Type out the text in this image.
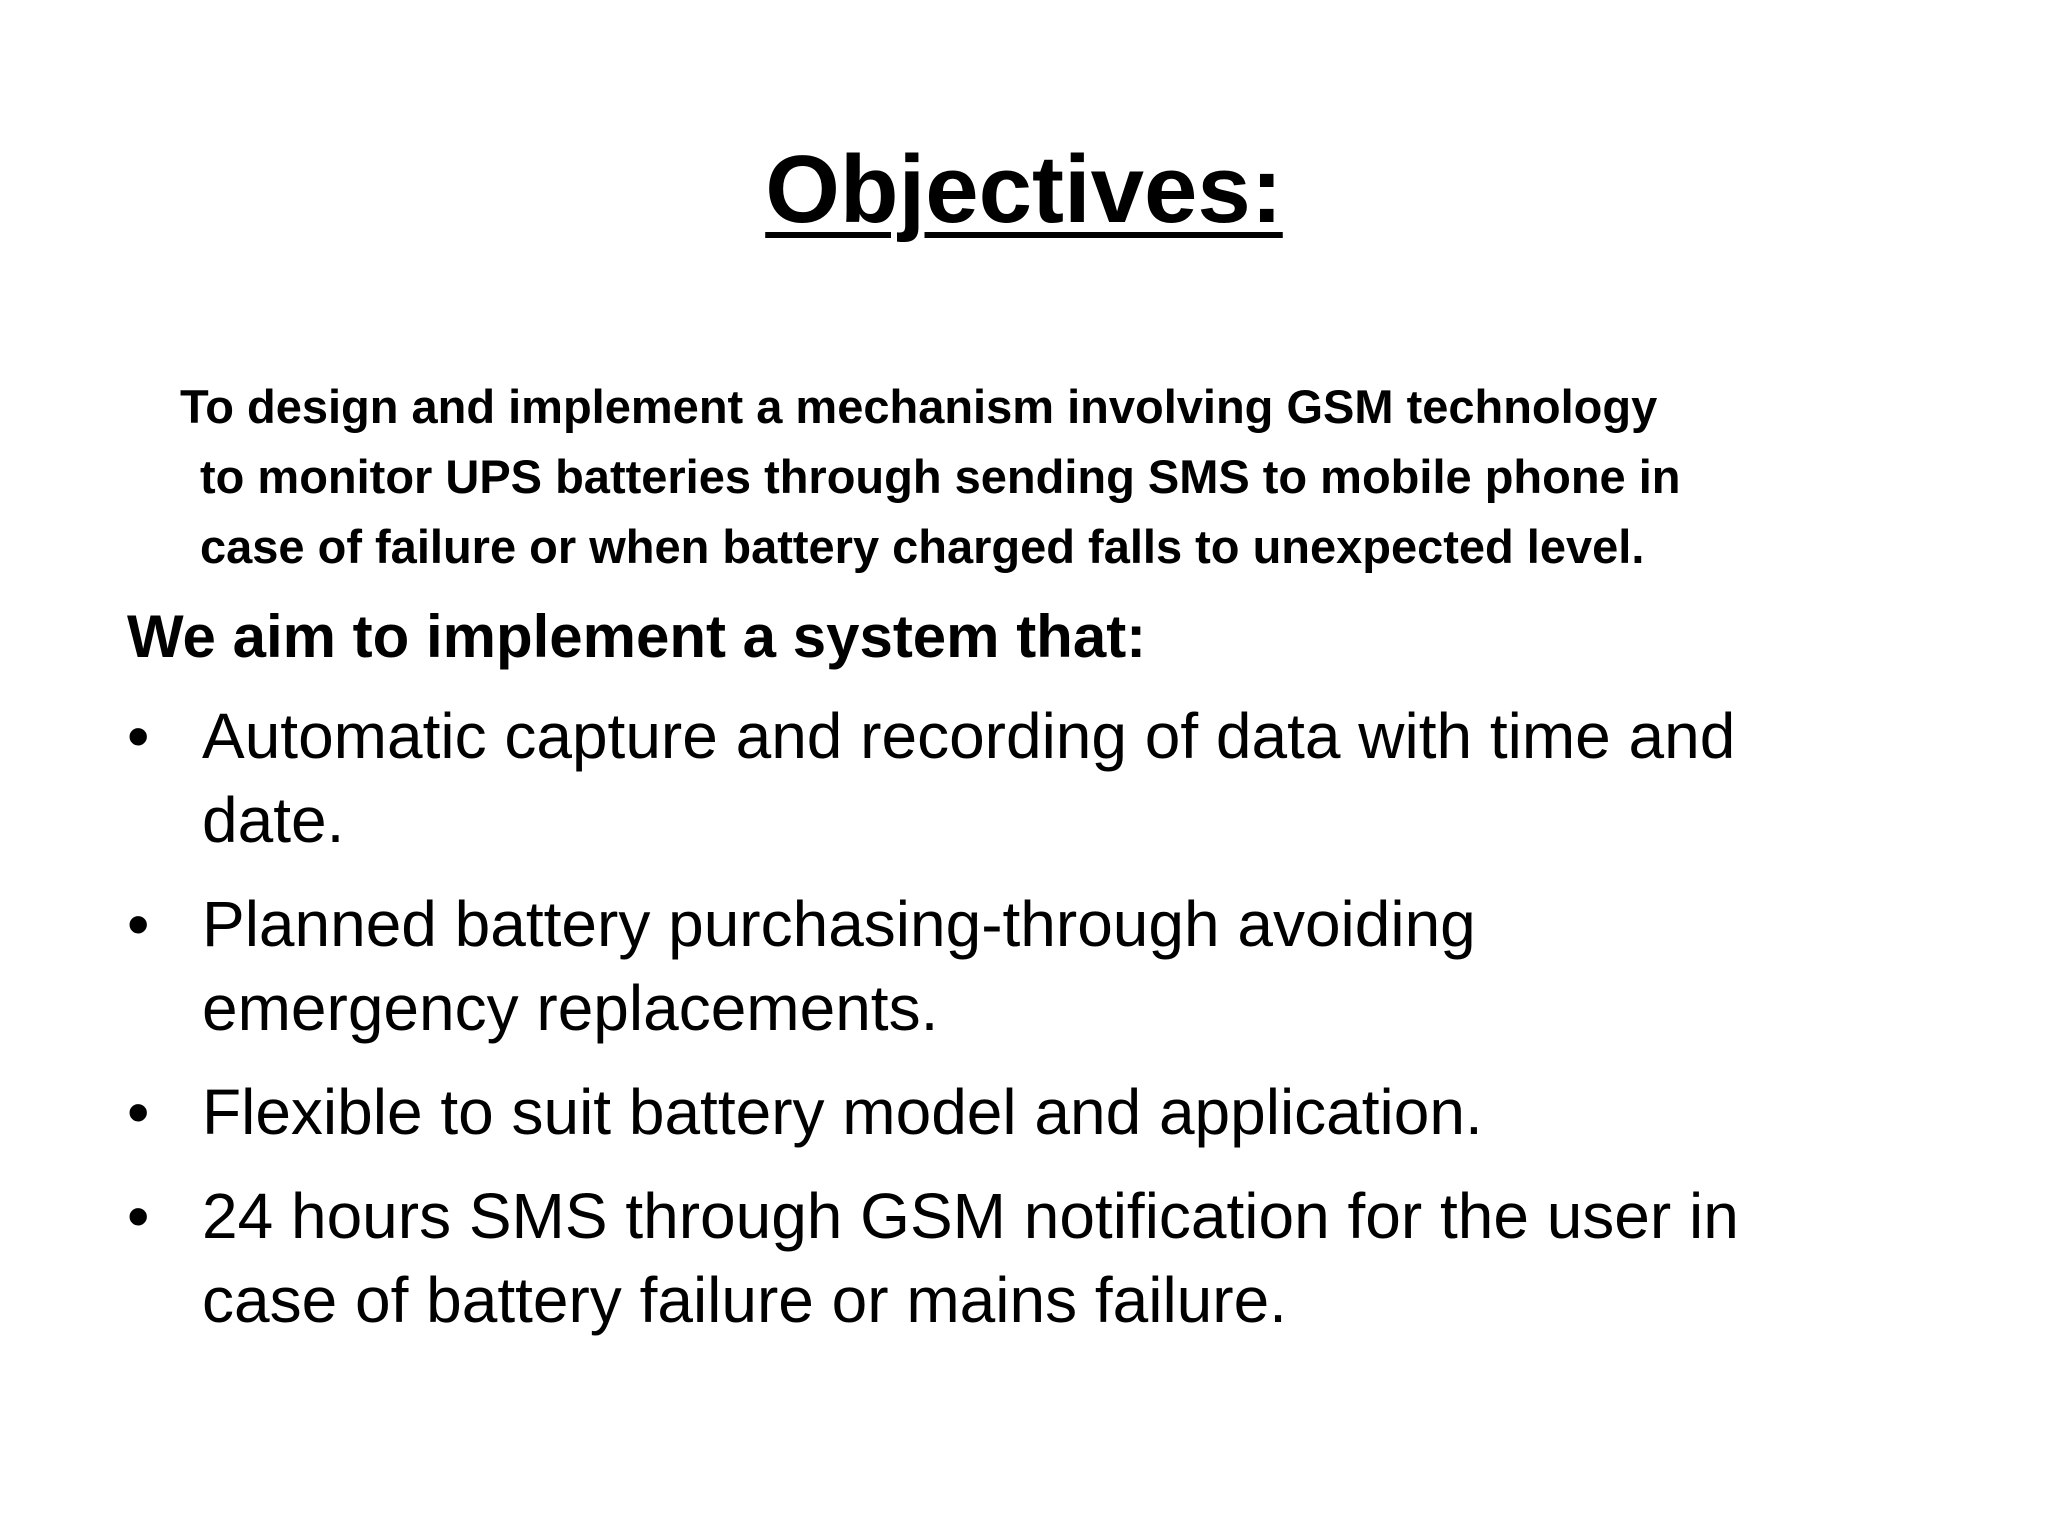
Objectives:

To design and implement a mechanism involving GSM technology
to monitor UPS batteries through sending SMS to mobile phone in
case of failure or when battery charged falls to unexpected level.

We aim to implement a system that:

• Automatic capture and recording of data with time and
date.
• Planned battery purchasing-through avoiding
emergency replacements.
• Flexible to suit battery model and application.
• 24 hours SMS through GSM notification for the user in
case of battery failure or mains failure.
